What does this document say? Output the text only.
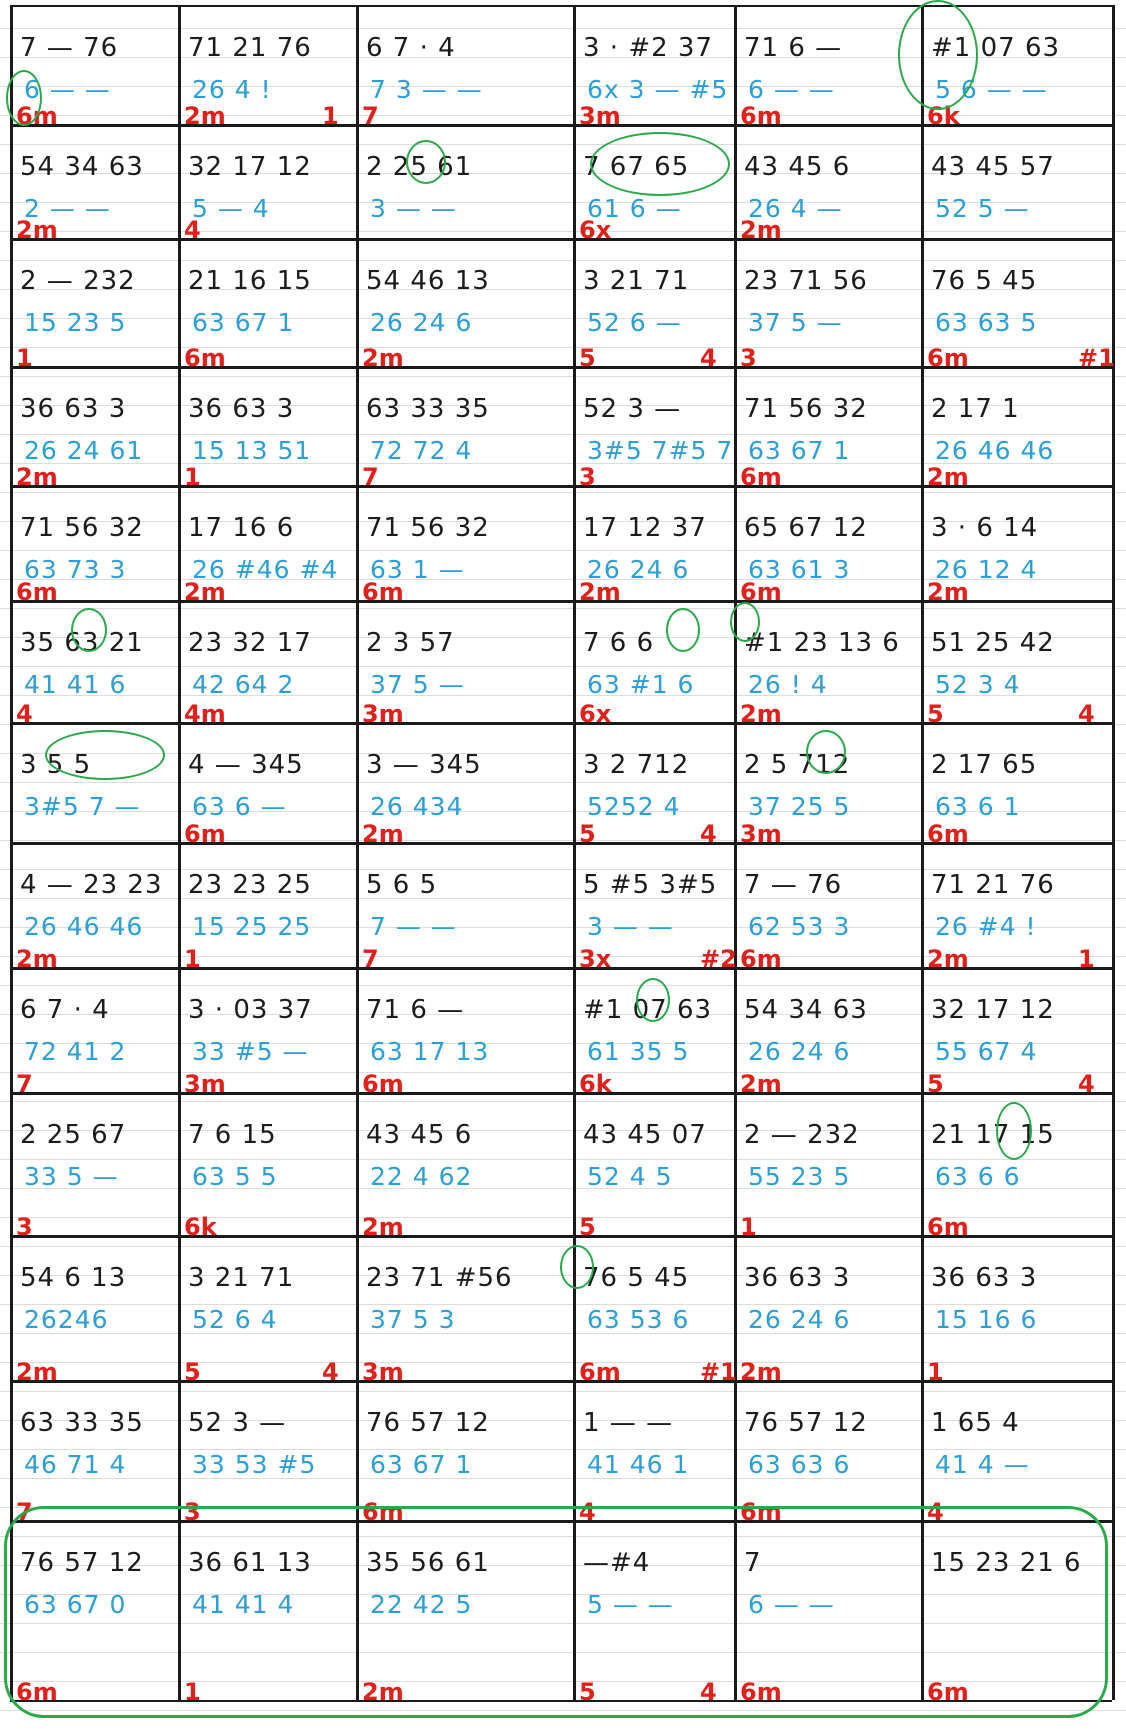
7 — 76
6 — —
6m
71 21 76
26 4 !
2m	1
6 7 · 4
7 3 — —
7
3 · #2 37
6x 3 — #5
3m
71 6 —
6 — —
6m
#1 07 63
5 6 — —
6k
54 34 63
2 — —
2m
32 17 12
5 — 4
4
2 25 61
3 — —
7 67 65
61 6 —
6x
43 45 6
26 4 —
2m
43 45 57
52 5 —
2 — 232
15 23 5
1
21 16 15
63 67 1
6m
54 46 13
26 24 6
2m
3 21 71
52 6 —
5	4
23 71 56
37 5 —
3
76 5 45
63 63 5
6m	#1
36 63 3
26 24 61
2m
36 63 3
15 13 51
1
63 33 35
72 72 4
7
52 3 —
3#5 7#5 7
3
71 56 32
63 67 1
6m
2 17 1
26 46 46
2m
71 56 32
63 73 3
6m
17 16 6
26 #46 #4
2m
71 56 32
63 1 —
6m
17 12 37
26 24 6
2m
65 67 12
63 61 3
6m
3 · 6 14
26 12 4
2m
35 63 21
41 41 6
4
23 32 17
42 64 2
4m
2 3 57
37 5 —
3m
7 6 6
63 #1 6
6x
#1 23 13 6
26 ! 4
2m
51 25 42
52 3 4
5	4
3 5 5
3#5 7 —
4 — 345
63 6 —
6m
3 — 345
26 434
2m
3 2 712
5252 4
5	4
2 5 712
37 25 5
3m
2 17 65
63 6 1
6m
4 — 23 23
26 46 46
2m
23 23 25
15 25 25
1
5 6 5
7 — —
7
5 #5 3#5
3 — —
3x	#2
7 — 76
62 53 3
6m
71 21 76
26 #4 !
2m	1
6 7 · 4
72 41 2
7
3 · 03 37
33 #5 —
3m
71 6 —
63 17 13
6m
#1 07 63
61 35 5
6k
54 34 63
26 24 6
2m
32 17 12
55 67 4
5	4
2 25 67
33 5 —
3
7 6 15
63 5 5
6k
43 45 6
22 4 62
2m
43 45 07
52 4 5
5
2 — 232
55 23 5
1
21 17 15
63 6 6
6m
54 6 13
26246
2m
3 21 71
52 6 4
5	4
23 71 #56
37 5 3
3m
76 5 45
63 53 6
6m	#1
36 63 3
26 24 6
2m
36 63 3
15 16 6
1
63 33 35
46 71 4
7
52 3 —
33 53 #5
3
76 57 12
63 67 1
6m
1 — —
41 46 1
4
76 57 12
63 63 6
6m
1 65 4
41 4 —
4
76 57 12
63 67 0
6m
36 61 13
41 41 4
1
35 56 61
22 42 5
2m
—#4
5 — —
5	4
7
6 — —
6m
15 23 21 6
6m
